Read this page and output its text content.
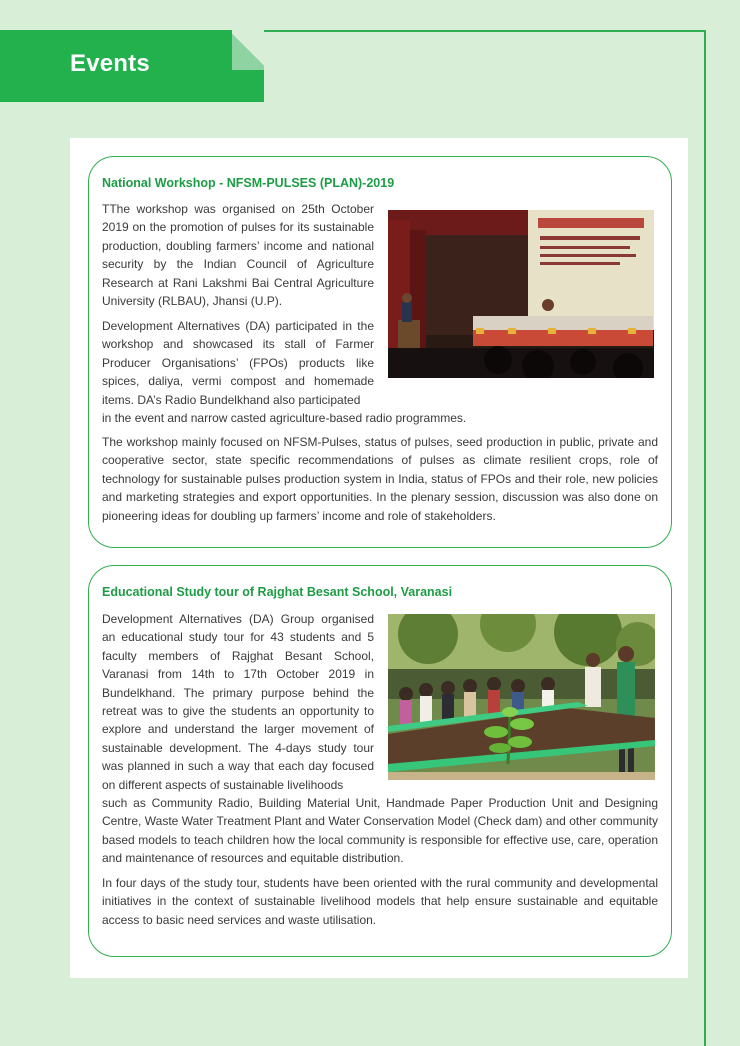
Events
National Workshop - NFSM-PULSES (PLAN)-2019

TThe workshop was organised on 25th October 2019 on the promotion of pulses for its sustainable production, doubling farmers’ income and national security by the Indian Council of Agriculture Research at Rani Lakshmi Bai Central Agriculture University (RLBAU), Jhansi (U.P).

Development Alternatives (DA) participated in the workshop and showcased its stall of Farmer Producer Organisations’ (FPOs) products like spices, daliya, vermi compost and homemade items. DA’s Radio Bundelkhand also participated

in the event and narrow casted agriculture-based radio programmes.

The workshop mainly focused on NFSM-Pulses, status of pulses, seed production in public, private and cooperative sector, state specific recommendations of pulses as climate resilient crops, role of technology for sustainable pulses production system in India, status of FPOs and their role, new policies and marketing strategies and export opportunities. In the plenary session, discussion was also done on pioneering ideas for doubling up farmers’ income and role of stakeholders.

Educational Study tour of Rajghat Besant School, Varanasi

Development Alternatives (DA) Group organised an educational study tour for 43 students and 5 faculty members of Rajghat Besant School, Varanasi from 14th to 17th October 2019 in Bundelkhand. The primary purpose behind the retreat was to give the students an opportunity to explore and understand the larger movement of sustainable development. The 4-days study tour was planned in such a way that each day focused on different aspects of sustainable livelihoods

such as Community Radio, Building Material Unit, Handmade Paper Production Unit and Designing Centre, Waste Water Treatment Plant and Water Conservation Model (Check dam) and other community based models to teach children how the local community is responsible for effective use, care, operation and maintenance of resources and equitable distribution.

In four days of the study tour, students have been oriented with the rural community and developmental initiatives in the context of sustainable livelihood models that help ensure sustainable and equitable access to basic need services and waste utilisation.
